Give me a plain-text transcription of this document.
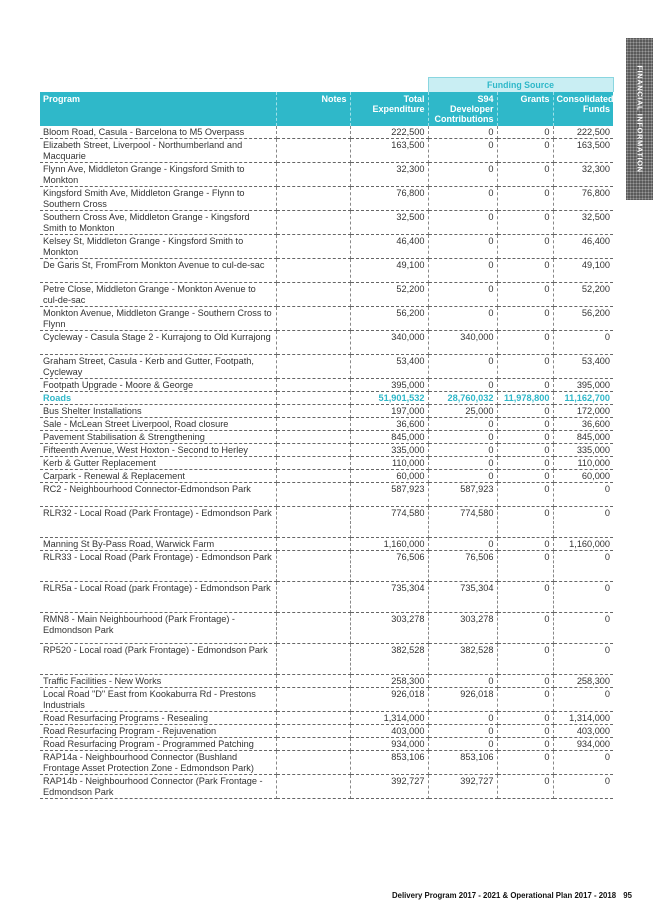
FINANCIAL INFORMATION
			Funding Source		
Program	Notes	Total Expenditure	S94 Developer Contributions	Grants	Consolidated Funds
Bloom Road, Casula - Barcelona to M5 Overpass		222,500	0	0	222,500
Elizabeth Street, Liverpool - Northumberland and Macquarie		163,500	0	0	163,500
Flynn Ave, Middleton Grange - Kingsford Smith to Monkton		32,300	0	0	32,300
Kingsford Smith Ave, Middleton Grange - Flynn to Southern Cross		76,800	0	0	76,800
Southern Cross Ave, Middleton Grange - Kingsford Smith to Monkton		32,500	0	0	32,500
Kelsey St, Middleton Grange - Kingsford Smith to Monkton		46,400	0	0	46,400
De Garis St, FromFrom Monkton Avenue to cul-de-sac		49,100	0	0	49,100
Petre Close, Middleton Grange - Monkton Avenue to cul-de-sac		52,200	0	0	52,200
Monkton Avenue, Middleton Grange - Southern Cross to Flynn		56,200	0	0	56,200
Cycleway - Casula Stage 2 - Kurrajong to Old Kurrajong		340,000	340,000	0	0
Graham Street, Casula - Kerb and Gutter, Footpath, Cycleway		53,400	0	0	53,400
Footpath Upgrade - Moore & George		395,000	0	0	395,000
Roads		51,901,532	28,760,032	11,978,800	11,162,700
Bus Shelter Installations		197,000	25,000	0	172,000
Sale - McLean Street Liverpool, Road closure		36,600	0	0	36,600
Pavement Stabilisation & Strengthening		845,000	0	0	845,000
Fifteenth Avenue, West Hoxton - Second to Herley		335,000	0	0	335,000
Kerb & Gutter Replacement		110,000	0	0	110,000
Carpark - Renewal & Replacement		60,000	0	0	60,000
RC2 - Neighbourhood Connector-Edmondson Park		587,923	587,923	0	0
RLR32 - Local Road (Park Frontage) - Edmondson Park		774,580	774,580	0	0
Manning St By-Pass Road, Warwick Farm		1,160,000	0	0	1,160,000
RLR33 - Local Road (Park Frontage) - Edmondson Park		76,506	76,506	0	0
RLR5a - Local Road (park Frontage) - Edmondson Park		735,304	735,304	0	0
RMN8 - Main Neighbourhood (Park Frontage) - Edmondson Park		303,278	303,278	0	0
RP520 - Local road (Park Frontage) - Edmondson Park		382,528	382,528	0	0
Traffic Facilities - New Works		258,300	0	0	258,300
Local Road "D" East from Kookaburra Rd - Prestons Industrials		926,018	926,018	0	0
Road Resurfacing Programs - Resealing		1,314,000	0	0	1,314,000
Road Resurfacing Program - Rejuvenation		403,000	0	0	403,000
Road Resurfacing Program - Programmed Patching		934,000	0	0	934,000
RAP14a - Neighbourhood Connector (Bushland Frontage Asset Protection Zone - Edmondson Park)		853,106	853,106	0	0
RAP14b - Neighbourhood Connector (Park Frontage - Edmondson Park		392,727	392,727	0	0
Delivery Program 2017 - 2021 & Operational Plan 2017 - 2018 95
